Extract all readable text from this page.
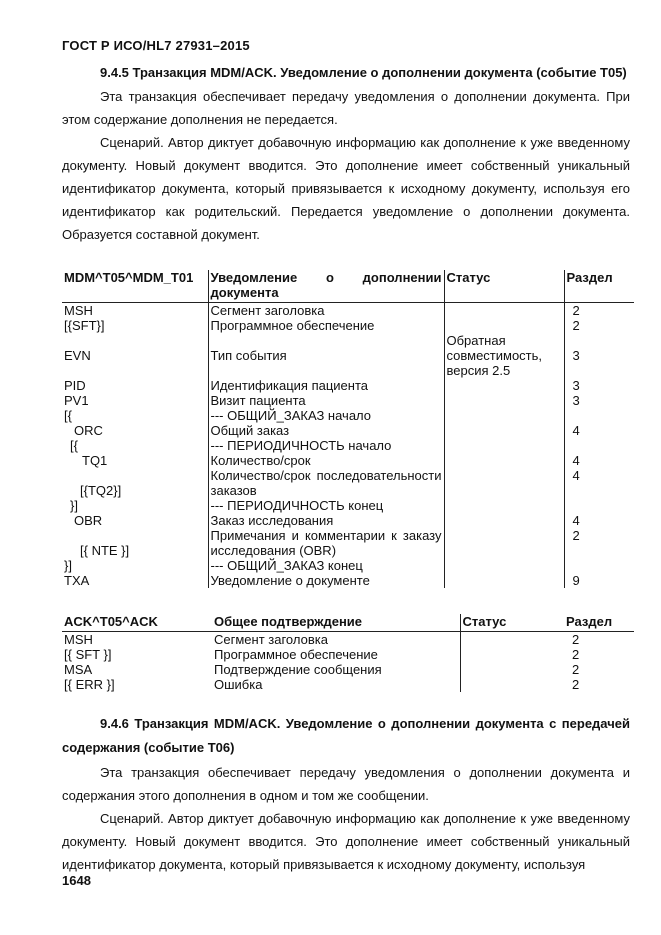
ГОСТ Р ИСО/HL7 27931–2015
9.4.5 Транзакция MDM/ACK. Уведомление о дополнении документа (событие T05)

Эта транзакция обеспечивает передачу уведомления о дополнении документа. При этом содержание дополнения не передается.

Сценарий. Автор диктует добавочную информацию как дополнение к уже введенному документу. Новый документ вводится. Это дополнение имеет собственный уникальный идентификатор документа, который привязывается к исходному документу, используя его идентификатор как родительский. Передается уведомление о дополнении документа. Образуется составной документ.

MDM^T05^MDM_T01	Уведомление о дополнении документа	Статус	Раздел
MSH	Сегмент заголовка		2
[{SFT}]	Программное обеспечение		2
EVN	Тип события	Обратная совместимость, версия 2.5	3
PID	Идентификация пациента		3
PV1	Визит пациента		3
[{	--- ОБЩИЙ_ЗАКАЗ начало		
ORC	Общий заказ		4
[{	--- ПЕРИОДИЧНОСТЬ начало		
TQ1	Количество/срок		4
[{TQ2}]	Количество/срок последовательности заказов		4
}]	--- ПЕРИОДИЧНОСТЬ конец		
OBR	Заказ исследования		4
[{ NTE }]	Примечания и комментарии к заказу исследования (OBR)		2
}]	--- ОБЩИЙ_ЗАКАЗ конец		
TXA	Уведомление о документе		9
ACK^T05^ACK	Общее подтверждение	Статус	Раздел
MSH	Сегмент заголовка		2
[{ SFT }]	Программное обеспечение		2
MSA	Подтверждение сообщения		2
[{ ERR }]	Ошибка		2
9.4.6 Транзакция MDM/ACK. Уведомление о дополнении документа с передачей содержания (событие T06)

Эта транзакция обеспечивает передачу уведомления о дополнении документа и содержания этого дополнения в одном и том же сообщении.

Сценарий. Автор диктует добавочную информацию как дополнение к уже введенному документу. Новый документ вводится. Это дополнение имеет собственный уникальный идентификатор документа, который привязывается к исходному документу, используя

1648
